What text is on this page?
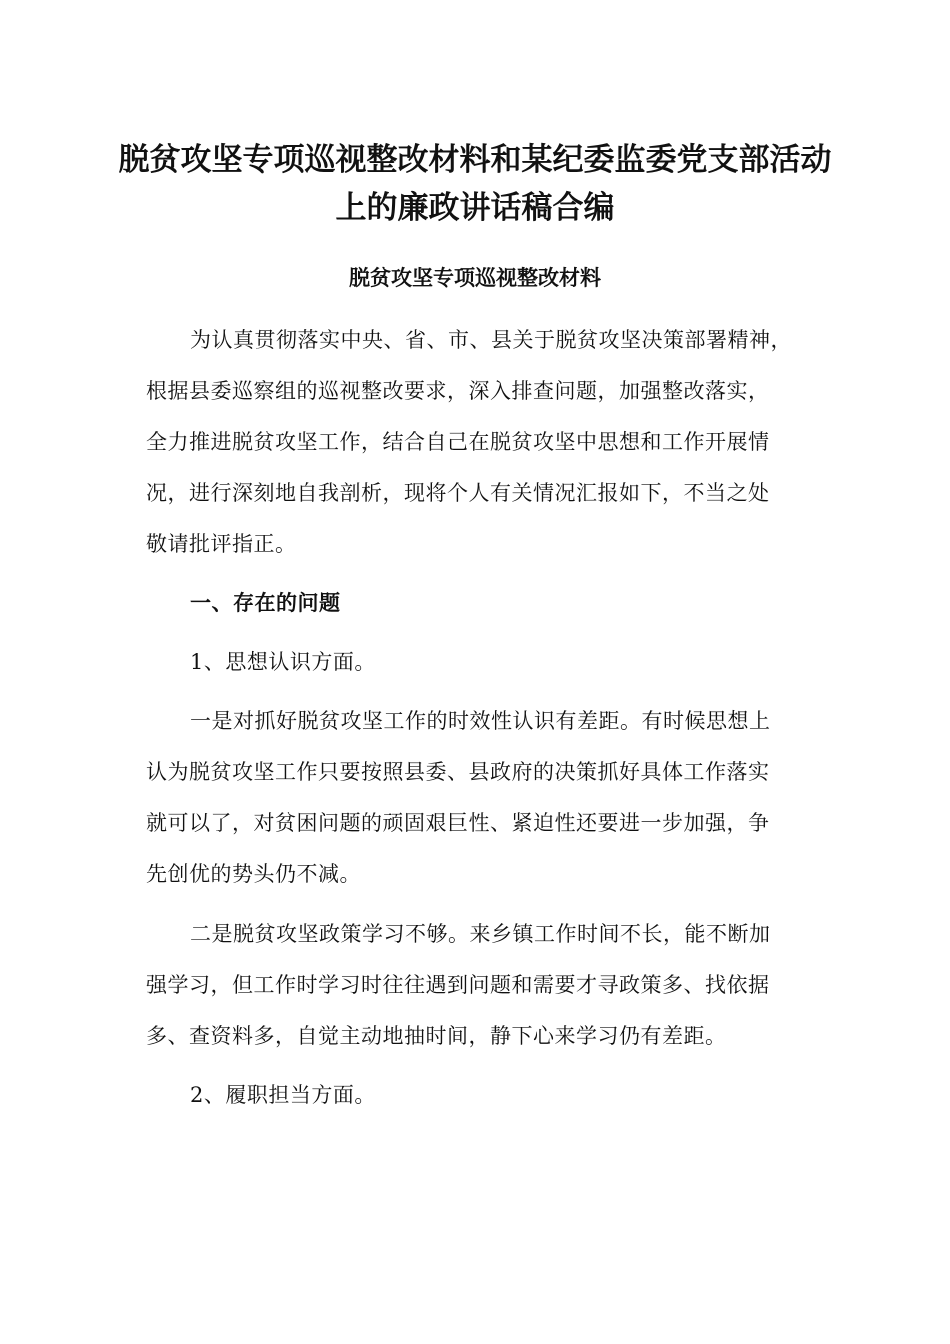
脱贫攻坚专项巡视整改材料和某纪委监委党支部活动
上的廉政讲话稿合编
脱贫攻坚专项巡视整改材料
为认真贯彻落实中央、省、市、县关于脱贫攻坚决策部署精神，
根据县委巡察组的巡视整改要求，深入排查问题，加强整改落实，
全力推进脱贫攻坚工作，结合自己在脱贫攻坚中思想和工作开展情
况，进行深刻地自我剖析，现将个人有关情况汇报如下，不当之处
敬请批评指正。
一、存在的问题
1、思想认识方面。
一是对抓好脱贫攻坚工作的时效性认识有差距。有时候思想上
认为脱贫攻坚工作只要按照县委、县政府的决策抓好具体工作落实
就可以了，对贫困问题的顽固艰巨性、紧迫性还要进一步加强，争
先创优的势头仍不减。
二是脱贫攻坚政策学习不够。来乡镇工作时间不长，能不断加
强学习，但工作时学习时往往遇到问题和需要才寻政策多、找依据
多、查资料多，自觉主动地抽时间，静下心来学习仍有差距。
2、履职担当方面。
